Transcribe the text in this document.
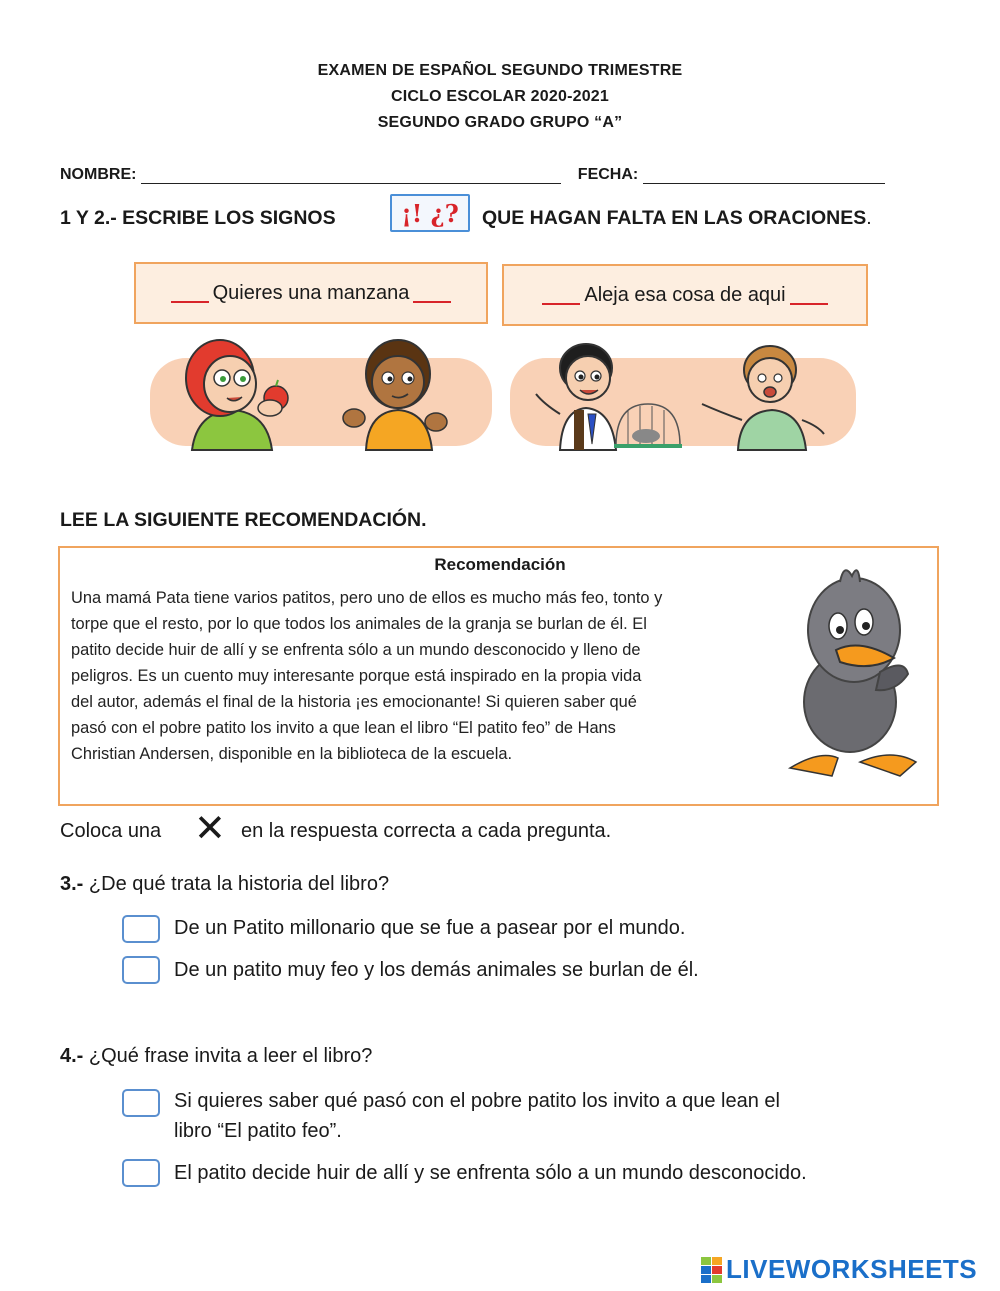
EXAMEN DE ESPAÑOL SEGUNDO TRIMESTRE
CICLO ESCOLAR 2020-2021
SEGUNDO GRADO GRUPO “A”
NOMBRE:	FECHA:
1 Y 2.- ESCRIBE LOS SIGNOS	¡! ¿? QUE HAGAN FALTA EN LAS ORACIONES.
Quieres una manzana	Aleja esa cosa de aqui
LEE LA SIGUIENTE RECOMENDACIÓN.
Recomendación
Una mamá Pata tiene varios patitos, pero uno de ellos es mucho más feo, tonto y
torpe que el resto, por lo que todos los animales de la granja se burlan de él. El
patito decide huir de allí y se enfrenta sólo a un mundo desconocido y lleno de
peligros. Es un cuento muy interesante porque está inspirado en la propia vida
del autor, además el final de la historia ¡es emocionante! Si quieren saber qué
pasó con el pobre patito los invito a que lean el libro “El patito feo” de Hans
Christian Andersen, disponible en la biblioteca de la escuela.
Coloca una ✕ en la respuesta correcta a cada pregunta.
3.- ¿De qué trata la historia del libro?
De un Patito millonario que se fue a pasear por el mundo.
De un patito muy feo y los demás animales se burlan de él.
4.- ¿Qué frase invita a leer el libro?
Si quieres saber qué pasó con el pobre patito los invito a que lean el
libro “El patito feo”.
El patito decide huir de allí y se enfrenta sólo a un mundo desconocido.
LIVEWORKSHEETS
